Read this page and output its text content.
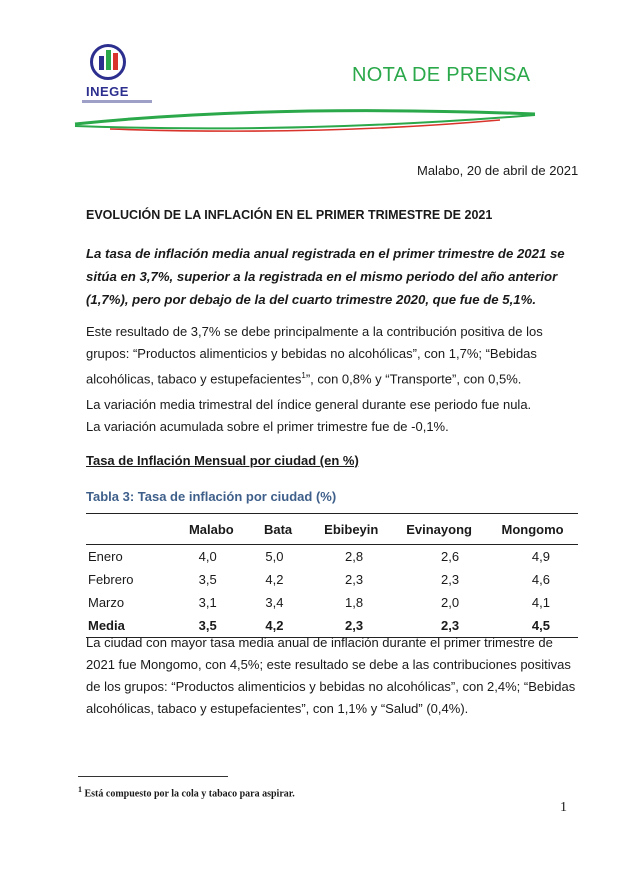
INEGE
NOTA DE PRENSA
Malabo, 20 de abril de 2021
EVOLUCIÓN DE LA INFLACIÓN EN EL PRIMER TRIMESTRE DE 2021
La tasa de inflación media anual registrada en el primer trimestre de 2021 se sitúa en 3,7%, superior a la registrada en el mismo periodo del año anterior (1,7%), pero por debajo de la del cuarto trimestre 2020, que fue de 5,1%.
Este resultado de 3,7% se debe principalmente a la contribución positiva de los grupos: “Productos alimenticios y bebidas no alcohólicas”, con 1,7%; “Bebidas alcohólicas, tabaco y estupefacientes$^1$”, con 0,8% y “Transporte”, con 0,5%.
La variación media trimestral del índice general durante ese periodo fue nula.
La variación acumulada sobre el primer trimestre fue de -0,1%.
Tasa de Inflación Mensual por ciudad (en %)
Tabla 3: Tasa de inflación por ciudad (%)
	Malabo	Bata	Ebibeyin	Evinayong	Mongomo
Enero	4,0	5,0	2,8	2,6	4,9
Febrero	3,5	4,2	2,3	2,3	4,6
Marzo	3,1	3,4	1,8	2,0	4,1
Media	3,5	4,2	2,3	2,3	4,5
La ciudad con mayor tasa media anual de inflación durante el primer trimestre de 2021 fue Mongomo, con 4,5%; este resultado se debe a las contribuciones positivas de los grupos: “Productos alimenticios y bebidas no alcohólicas”, con 2,4%; “Bebidas alcohólicas, tabaco y estupefacientes”, con 1,1% y “Salud” (0,4%).
$^1$ Está compuesto por la cola y tabaco para aspirar.
1
